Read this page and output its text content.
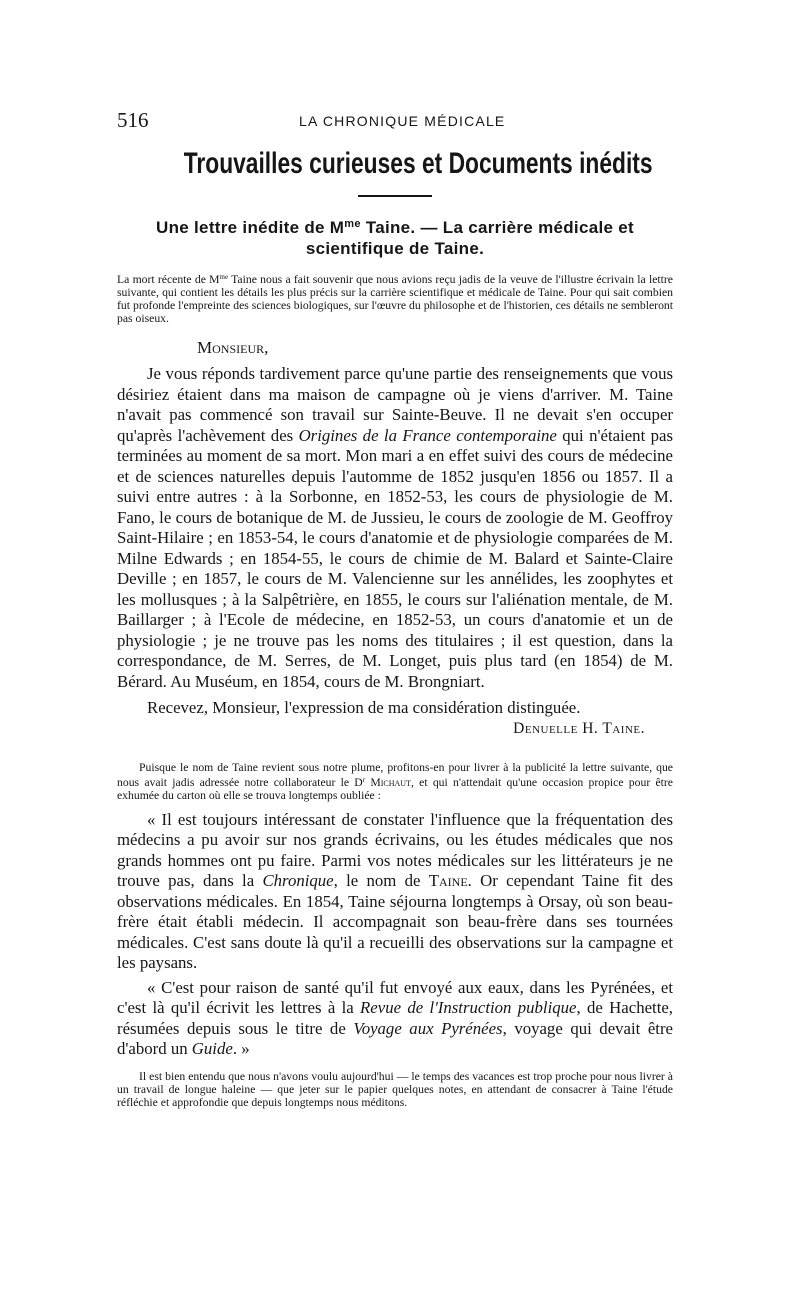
516	LA CHRONIQUE MÉDICALE
Trouvailles curieuses et Documents inédits
Une lettre inédite de $M^{me}$ Taine. — La carrière médicale et scientifique de Taine.

La mort récente de $M^{me}$ Taine nous a fait souvenir que nous avions reçu jadis de la veuve de l'illustre écrivain la lettre suivante, qui contient les détails les plus précis sur la carrière scientifique et médicale de Taine. Pour qui sait combien fut profonde l'empreinte des sciences biologiques, sur l'œuvre du philosophe et de l'historien, ces détails ne sembleront pas oiseux.

Monsieur,

Je vous réponds tardivement parce qu'une partie des renseignements que vous désiriez étaient dans ma maison de campagne où je viens d'arriver. M. Taine n'avait pas commencé son travail sur Sainte-Beuve. Il ne devait s'en occuper qu'après l'achèvement des Origines de la France contemporaine qui n'étaient pas terminées au moment de sa mort. Mon mari a en effet suivi des cours de médecine et de sciences naturelles depuis l'automme de 1852 jusqu'en 1856 ou 1857. Il a suivi entre autres : à la Sorbonne, en 1852-53, les cours de physiologie de M. Fano, le cours de botanique de M. de Jussieu, le cours de zoologie de M. Geoffroy Saint-Hilaire ; en 1853-54, le cours d'anatomie et de physiologie comparées de M. Milne Edwards ; en 1854-55, le cours de chimie de M. Balard et Sainte-Claire Deville ; en 1857, le cours de M. Valencienne sur les annélides, les zoophytes et les mollusques ; à la Salpêtrière, en 1855, le cours sur l'aliénation mentale, de M. Baillarger ; à l'Ecole de médecine, en 1852-53, un cours d'anatomie et un de physiologie ; je ne trouve pas les noms des titulaires ; il est question, dans la correspondance, de M. Serres, de M. Longet, puis plus tard (en 1854) de M. Bérard. Au Muséum, en 1854, cours de M. Brongniart.

Recevez, Monsieur, l'expression de ma considération distinguée.

Denuelle H. Taine.

Puisque le nom de Taine revient sous notre plume, profitons-en pour livrer à la publicité la lettre suivante, que nous avait jadis adressée notre collaborateur le $D^r$ Michaut, et qui n'attendait qu'une occasion propice pour être exhumée du carton où elle se trouva longtemps oubliée :

« Il est toujours intéressant de constater l'influence que la fréquentation des médecins a pu avoir sur nos grands écrivains, ou les études médicales que nos grands hommes ont pu faire. Parmi vos notes médicales sur les littérateurs je ne trouve pas, dans la Chronique, le nom de Taine. Or cependant Taine fit des observations médicales. En 1854, Taine séjourna longtemps à Orsay, où son beau-frère était établi médecin. Il accompagnait son beau-frère dans ses tournées médicales. C'est sans doute là qu'il a recueilli des observations sur la campagne et les paysans.

« C'est pour raison de santé qu'il fut envoyé aux eaux, dans les Pyrénées, et c'est là qu'il écrivit les lettres à la Revue de l'Instruction publique, de Hachette, résumées depuis sous le titre de Voyage aux Pyrénées, voyage qui devait être d'abord un Guide. »

Il est bien entendu que nous n'avons voulu aujourd'hui — le temps des vacances est trop proche pour nous livrer à un travail de longue haleine — que jeter sur le papier quelques notes, en attendant de consacrer à Taine l'étude réfléchie et approfondie que depuis longtemps nous méditons.
